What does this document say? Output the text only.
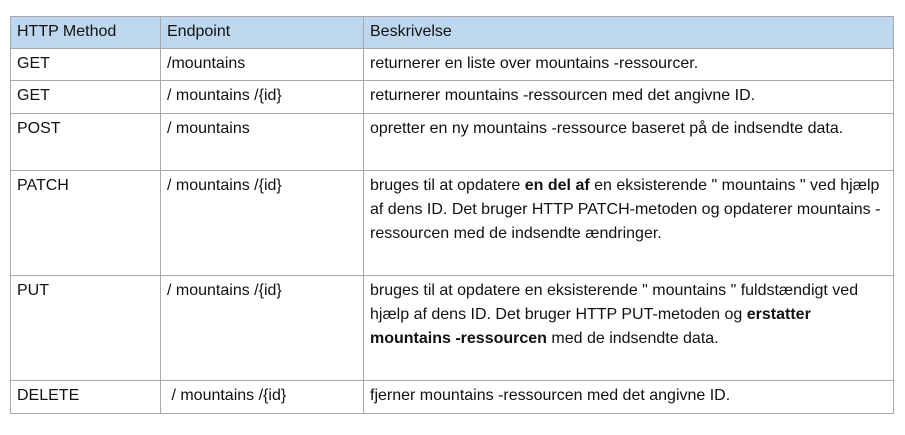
HTTP Method	Endpoint	Beskrivelse
GET	/mountains	returnerer en liste over mountains -ressourcer.
GET	/ mountains /{id}	returnerer mountains -ressourcen med det angivne ID.
POST	/ mountains	opretter en ny mountains -ressource baseret på de indsendte data.
PATCH	/ mountains /{id}	bruges til at opdatere en del af en eksisterende " mountains " ved hjælp af dens ID. Det bruger HTTP PATCH-metoden og opdaterer mountains -ressourcen med de indsendte ændringer.
PUT	/ mountains /{id}	bruges til at opdatere en eksisterende " mountains " fuldstændigt ved hjælp af dens ID. Det bruger HTTP PUT-metoden og erstatter mountains -ressourcen med de indsendte data.
DELETE	/ mountains /{id}	fjerner mountains -ressourcen med det angivne ID.
